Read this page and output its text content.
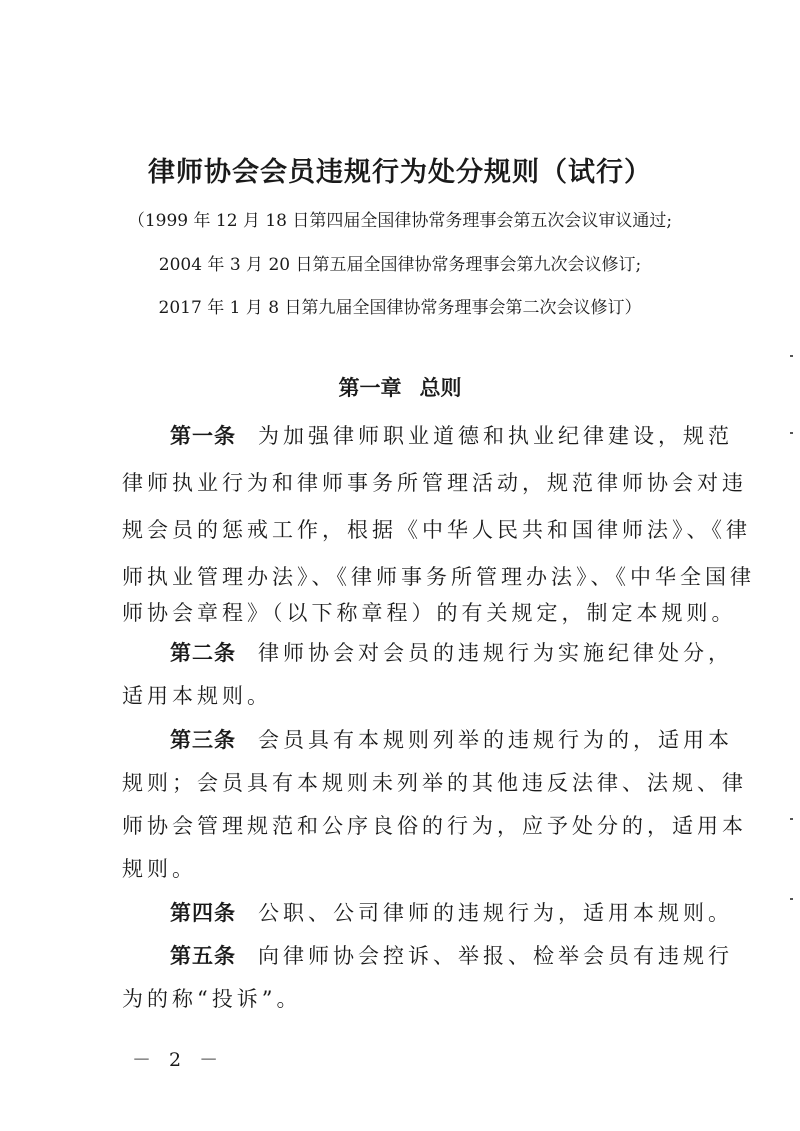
律师协会会员违规行为处分规则（试行）
（1999 年 12 月 18 日第四届全国律协常务理事会第五次会议审议通过;
2004 年 3 月 20 日第五届全国律协常务理事会第九次会议修订;
2017 年 1 月 8 日第九届全国律协常务理事会第二次会议修订）
第一章 总则
第一条 为加强律师职业道德和执业纪律建设，规范
律师执业行为和律师事务所管理活动，规范律师协会对违
规会员的惩戒工作，根据《中华人民共和国律师法》、《律
师执业管理办法》、《律师事务所管理办法》、《中华全国律
师协会章程》（以下称章程）的有关规定，制定本规则。
第二条 律师协会对会员的违规行为实施纪律处分，
适用本规则。
第三条 会员具有本规则列举的违规行为的，适用本
规则；会员具有本规则未列举的其他违反法律、法规、律
师协会管理规范和公序良俗的行为，应予处分的，适用本
规则。
第四条 公职、公司律师的违规行为，适用本规则。
第五条 向律师协会控诉、举报、检举会员有违规行
为的称“投诉”。
－ 2 －
